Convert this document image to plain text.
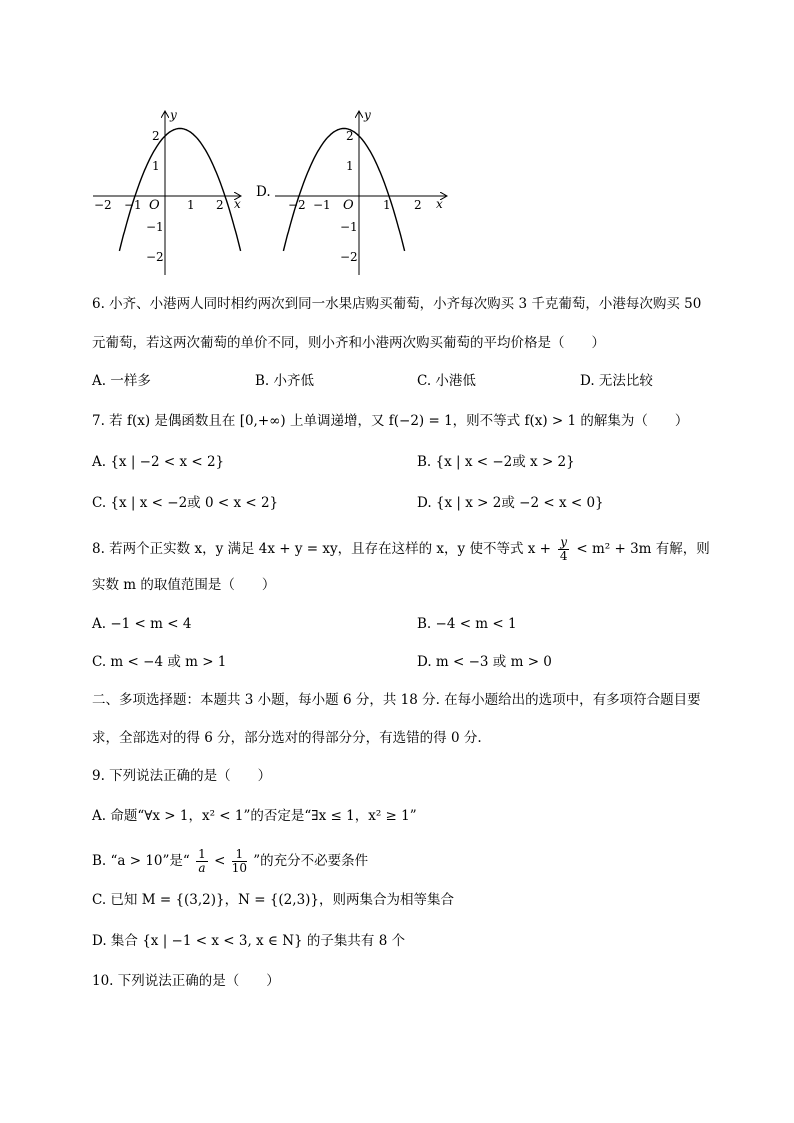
y
x
O
−2 −1	1 2
2
1
−1
−2
D.
y
x
O
−2 −1	1 2
2
1
−1
−2
6. 小齐、小港两人同时相约两次到同一水果店购买葡萄，小齐每次购买 3 千克葡萄，小港每次购买 50
元葡萄，若这两次葡萄的单价不同，则小齐和小港两次购买葡萄的平均价格是（　　）
A. 一样多	B. 小齐低	C. 小港低	D. 无法比较
7. 若 f(x) 是偶函数且在 [0,+∞) 上单调递增，又 f(−2) = 1，则不等式 f(x) > 1 的解集为（　　）
A. {x | −2 < x < 2}	B. {x | x < −2或 x > 2}
C. {x | x < −2或 0 < x < 2}	D. {x | x > 2或 −2 < x < 0}
8. 若两个正实数 x，y 满足 4x + y = xy，且存在这样的 x，y 使不等式 $x + \frac{y}{4} < m^2 + 3m$ 有解，则
实数 m 的取值范围是（　　）
A. −1 < m < 4	B. −4 < m < 1
C. m < −4 或 m > 1	D. m < −3 或 m > 0
二、多项选择题：本题共 3 小题，每小题 6 分，共 18 分. 在每小题给出的选项中，有多项符合题目要
求，全部选对的得 6 分，部分选对的得部分分，有选错的得 0 分.
9. 下列说法正确的是（　　）
A. 命题“∀x > 1，x² < 1”的否定是“∃x ≤ 1，x² ≥ 1”
B. “a > 10”是“ $\frac{1}{a} < \frac{1}{10}$ ”的充分不必要条件
C. 已知 M = {(3,2)}，N = {(2,3)}，则两集合为相等集合
D. 集合 {x | −1 < x < 3, x ∈ N} 的子集共有 8 个
10. 下列说法正确的是（　　）
